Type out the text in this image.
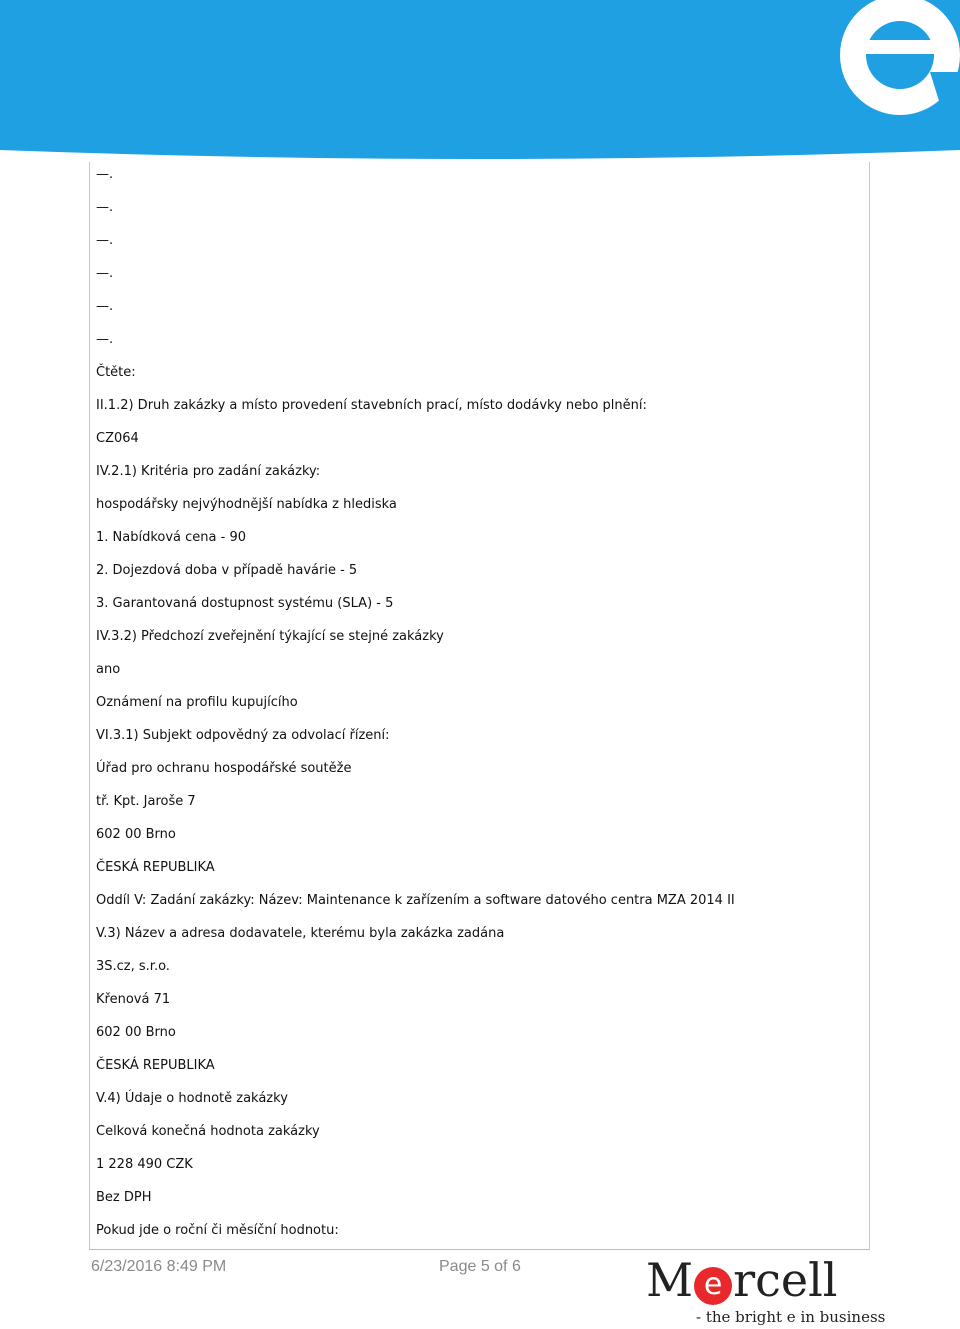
—.
—.
—.
—.
—.
—.
Čtěte:
II.1.2) Druh zakázky a místo provedení stavebních prací, místo dodávky nebo plnění:
CZ064
IV.2.1) Kritéria pro zadání zakázky:
hospodářsky nejvýhodnější nabídka z hlediska
1. Nabídková cena - 90
2. Dojezdová doba v případě havárie - 5
3. Garantovaná dostupnost systému (SLA) - 5
IV.3.2) Předchozí zveřejnění týkající se stejné zakázky
ano
Oznámení na profilu kupujícího
VI.3.1) Subjekt odpovědný za odvolací řízení:
Úřad pro ochranu hospodářské soutěže
tř. Kpt. Jaroše 7
602 00 Brno
ČESKÁ REPUBLIKA
Oddíl V: Zadání zakázky: Název: Maintenance k zařízením a software datového centra MZA 2014 II
V.3) Název a adresa dodavatele, kterému byla zakázka zadána
3S.cz, s.r.o.
Křenová 71
602 00 Brno
ČESKÁ REPUBLIKA
V.4) Údaje o hodnotě zakázky
Celková konečná hodnota zakázky
1 228 490 CZK
Bez DPH
Pokud jde o roční či měsíční hodnotu:
6/23/2016 8:49 PM	Page 5 of 6	M e rcell
- the bright e in business
